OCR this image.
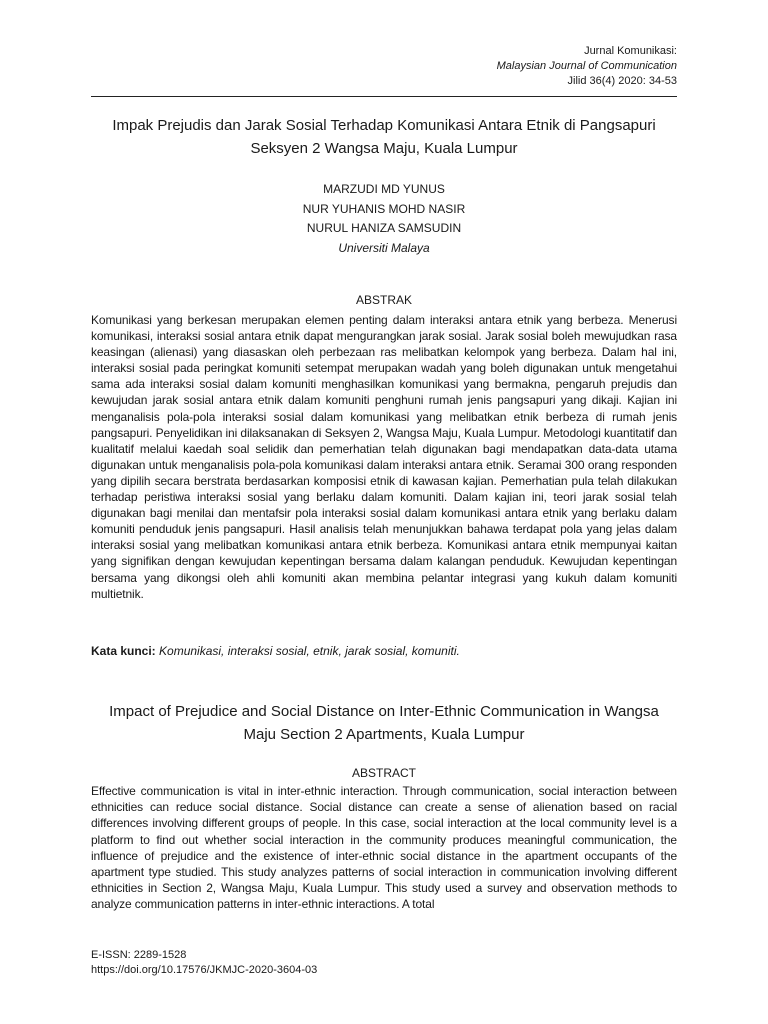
Jurnal Komunikasi:
Malaysian Journal of Communication
Jilid 36(4) 2020: 34-53
Impak Prejudis dan Jarak Sosial Terhadap Komunikasi Antara Etnik di Pangsapuri Seksyen 2 Wangsa Maju, Kuala Lumpur
MARZUDI MD YUNUS
NUR YUHANIS MOHD NASIR
NURUL HANIZA SAMSUDIN
Universiti Malaya
ABSTRAK
Komunikasi yang berkesan merupakan elemen penting dalam interaksi antara etnik yang berbeza. Menerusi komunikasi, interaksi sosial antara etnik dapat mengurangkan jarak sosial. Jarak sosial boleh mewujudkan rasa keasingan (alienasi) yang diasaskan oleh perbezaan ras melibatkan kelompok yang berbeza. Dalam hal ini, interaksi sosial pada peringkat komuniti setempat merupakan wadah yang boleh digunakan untuk mengetahui sama ada interaksi sosial dalam komuniti menghasilkan komunikasi yang bermakna, pengaruh prejudis dan kewujudan jarak sosial antara etnik dalam komuniti penghuni rumah jenis pangsapuri yang dikaji. Kajian ini menganalisis pola-pola interaksi sosial dalam komunikasi yang melibatkan etnik berbeza di rumah jenis pangsapuri. Penyelidikan ini dilaksanakan di Seksyen 2, Wangsa Maju, Kuala Lumpur. Metodologi kuantitatif dan kualitatif melalui kaedah soal selidik dan pemerhatian telah digunakan bagi mendapatkan data-data utama digunakan untuk menganalisis pola-pola komunikasi dalam interaksi antara etnik. Seramai 300 orang responden yang dipilih secara berstrata berdasarkan komposisi etnik di kawasan kajian. Pemerhatian pula telah dilakukan terhadap peristiwa interaksi sosial yang berlaku dalam komuniti. Dalam kajian ini, teori jarak sosial telah digunakan bagi menilai dan mentafsir pola interaksi sosial dalam komunikasi antara etnik yang berlaku dalam komuniti penduduk jenis pangsapuri. Hasil analisis telah menunjukkan bahawa terdapat pola yang jelas dalam interaksi sosial yang melibatkan komunikasi antara etnik berbeza. Komunikasi antara etnik mempunyai kaitan yang signifikan dengan kewujudan kepentingan bersama dalam kalangan penduduk. Kewujudan kepentingan bersama yang dikongsi oleh ahli komuniti akan membina pelantar integrasi yang kukuh dalam komuniti multietnik.
Kata kunci: Komunikasi, interaksi sosial, etnik, jarak sosial, komuniti.
Impact of Prejudice and Social Distance on Inter-Ethnic Communication in Wangsa Maju Section 2 Apartments, Kuala Lumpur
ABSTRACT
Effective communication is vital in inter-ethnic interaction. Through communication, social interaction between ethnicities can reduce social distance. Social distance can create a sense of alienation based on racial differences involving different groups of people. In this case, social interaction at the local community level is a platform to find out whether social interaction in the community produces meaningful communication, the influence of prejudice and the existence of inter-ethnic social distance in the apartment occupants of the apartment type studied. This study analyzes patterns of social interaction in communication involving different ethnicities in Section 2, Wangsa Maju, Kuala Lumpur. This study used a survey and observation methods to analyze communication patterns in inter-ethnic interactions. A total
E-ISSN: 2289-1528
https://doi.org/10.17576/JKMJC-2020-3604-03
